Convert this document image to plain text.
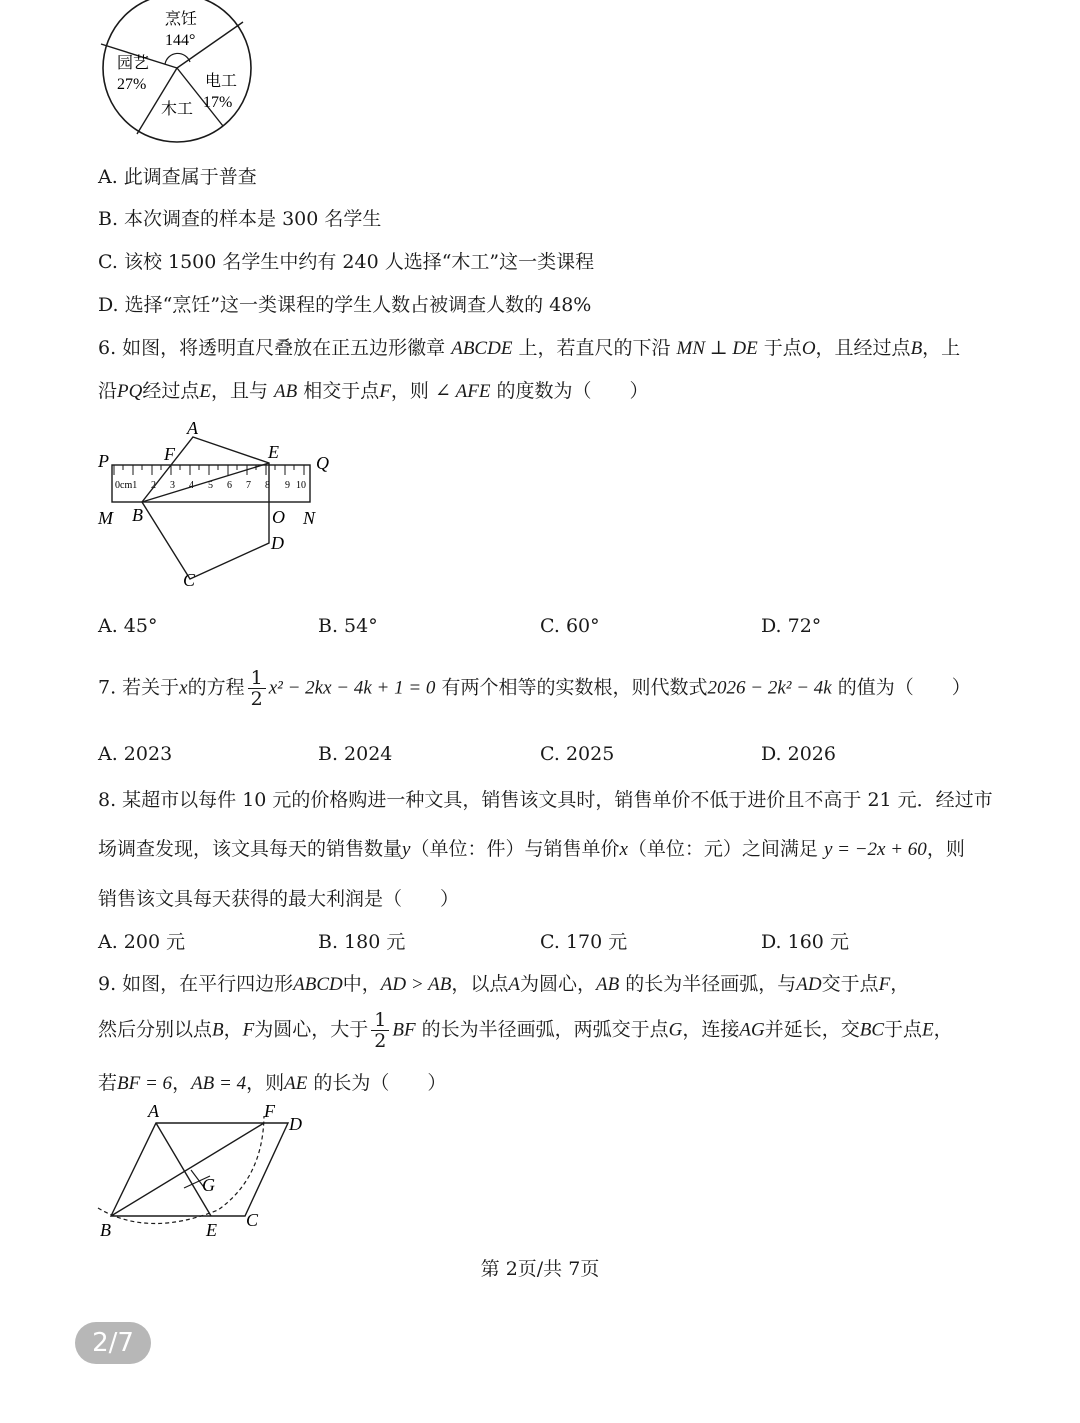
烹饪
144°
园艺
27%	电工
17%
木工
A. 此调查属于普查
B. 本次调查的样本是 300 名学生
C. 该校 1500 名学生中约有 240 人选择“木工”这一类课程
D. 选择“烹饪”这一类课程的学生人数占被调查人数的 48%
6. 如图，将透明直尺叠放在正五边形徽章 ABCDE 上，若直尺的下沿 MN ⊥ DE 于点O，且经过点B，上
沿PQ经过点E，且与 AB 相交于点F，则 ∠ AFE 的度数为（　　）
0cm1 2 3 4 5 6 7 8 9 10
A
F	E
P	Q
M B	O N
D
C
A. 45°	B. 54°	C. 60°	D. 72°
7. 若关于x的方程 $\frac{1}{2} x^2 - 2kx - 4k + 1 = 0$ 有两个相等的实数根，则代数式2026 − 2k² − 4k 的值为（　　）
A. 2023	B. 2024	C. 2025	D. 2026
8. 某超市以每件 10 元的价格购进一种文具，销售该文具时，销售单价不低于进价且不高于 21 元．经过市
场调查发现，该文具每天的销售数量y（单位：件）与销售单价x（单位：元）之间满足 y = −2x + 60，则
销售该文具每天获得的最大利润是（　　）
A. 200 元	B. 180 元	C. 170 元	D. 160 元
9. 如图，在平行四边形ABCD中，AD > AB，以点A为圆心，AB 的长为半径画弧，与AD交于点F，
然后分别以点B，F为圆心，大于 $\frac{1}{2}$ BF 的长为半径画弧，两弧交于点G，连接AG并延长，交BC于点E，
若BF = 6，AB = 4，则AE 的长为（　　）
A	F
D
G
B	E C
第 2页/共 7页
2/7
